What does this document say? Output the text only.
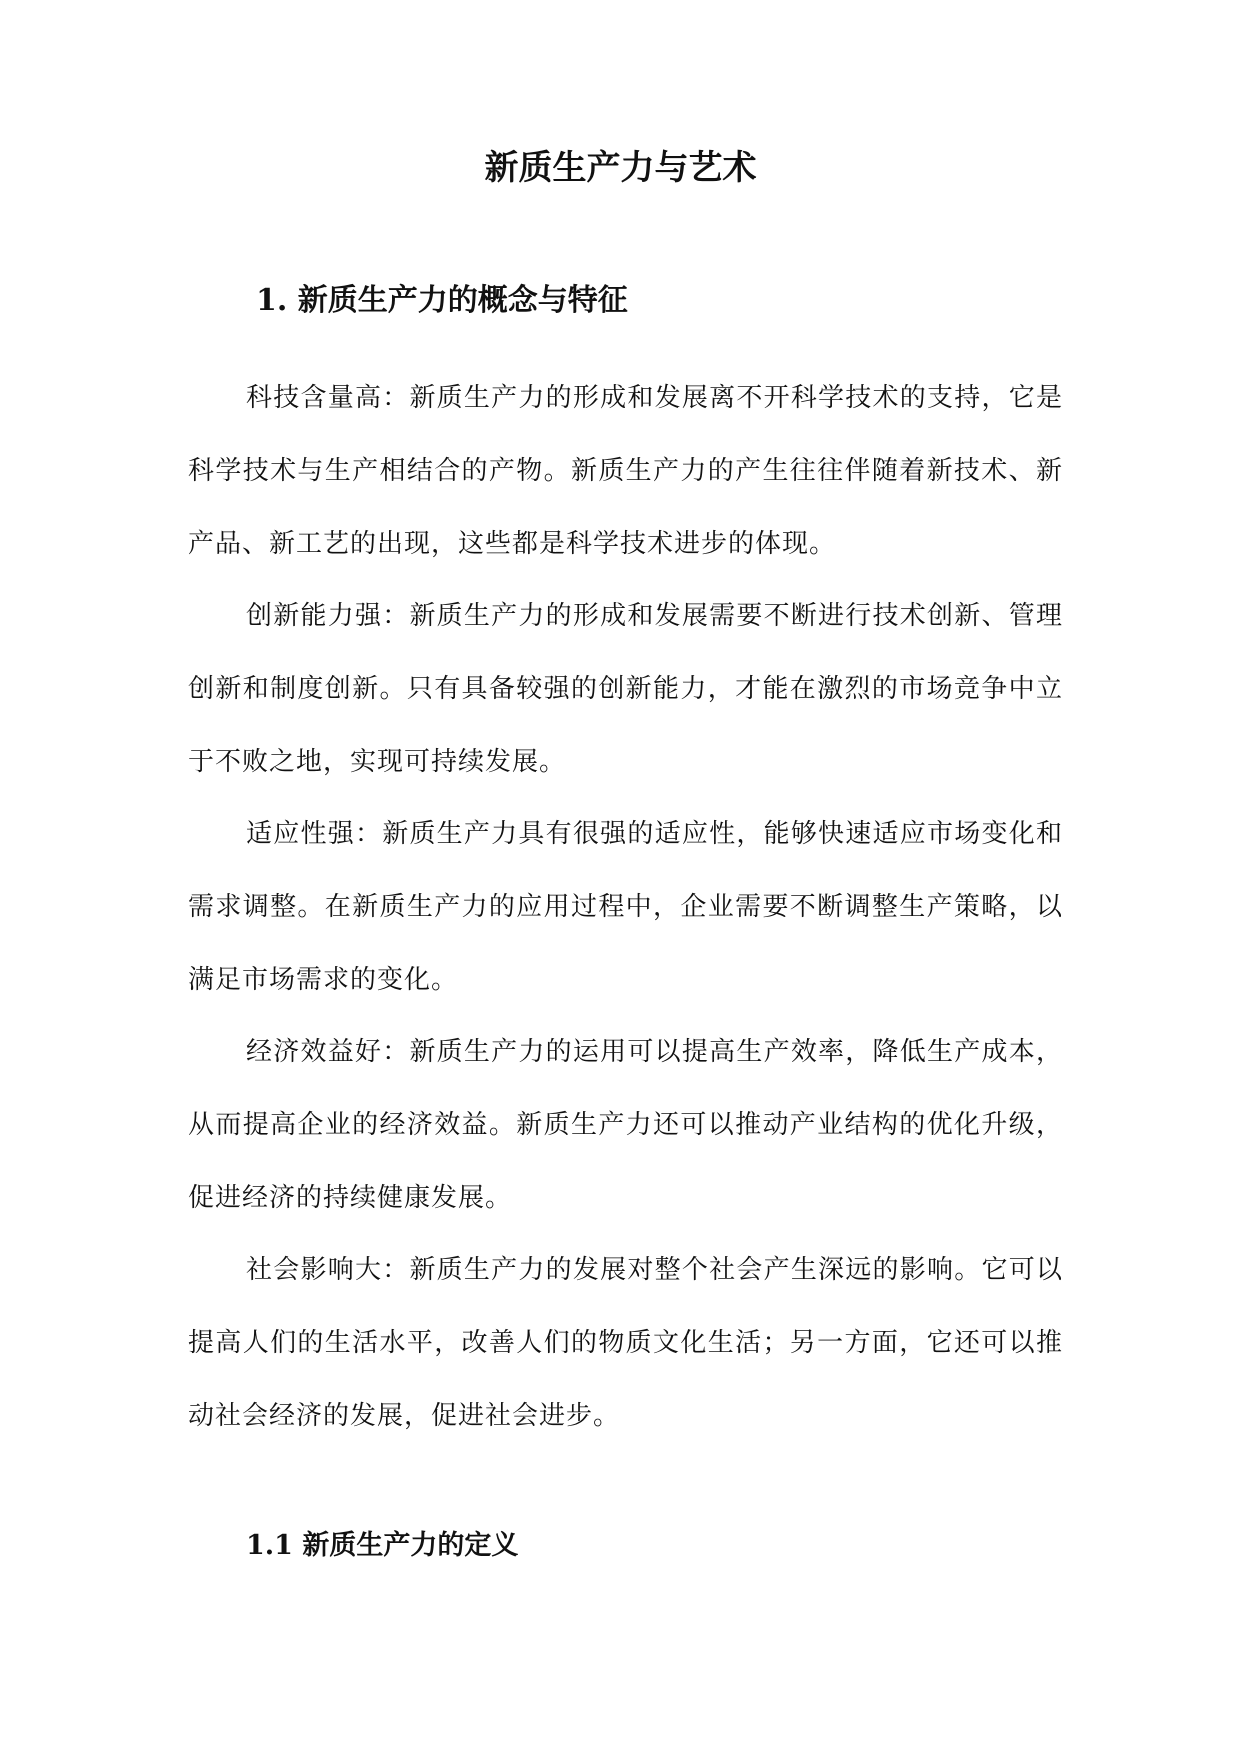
新质生产力与艺术
1. 新质生产力的概念与特征

科技含量高：新质生产力的形成和发展离不开科学技术的支持，它是科学技术与生产相结合的产物。新质生产力的产生往往伴随着新技术、新产品、新工艺的出现，这些都是科学技术进步的体现。

创新能力强：新质生产力的形成和发展需要不断进行技术创新、管理创新和制度创新。只有具备较强的创新能力，才能在激烈的市场竞争中立于不败之地，实现可持续发展。

适应性强：新质生产力具有很强的适应性，能够快速适应市场变化和需求调整。在新质生产力的应用过程中，企业需要不断调整生产策略，以满足市场需求的变化。

经济效益好：新质生产力的运用可以提高生产效率，降低生产成本，从而提高企业的经济效益。新质生产力还可以推动产业结构的优化升级，促进经济的持续健康发展。

社会影响大：新质生产力的发展对整个社会产生深远的影响。它可以提高人们的生活水平，改善人们的物质文化生活；另一方面，它还可以推动社会经济的发展，促进社会进步。

1.1 新质生产力的定义
